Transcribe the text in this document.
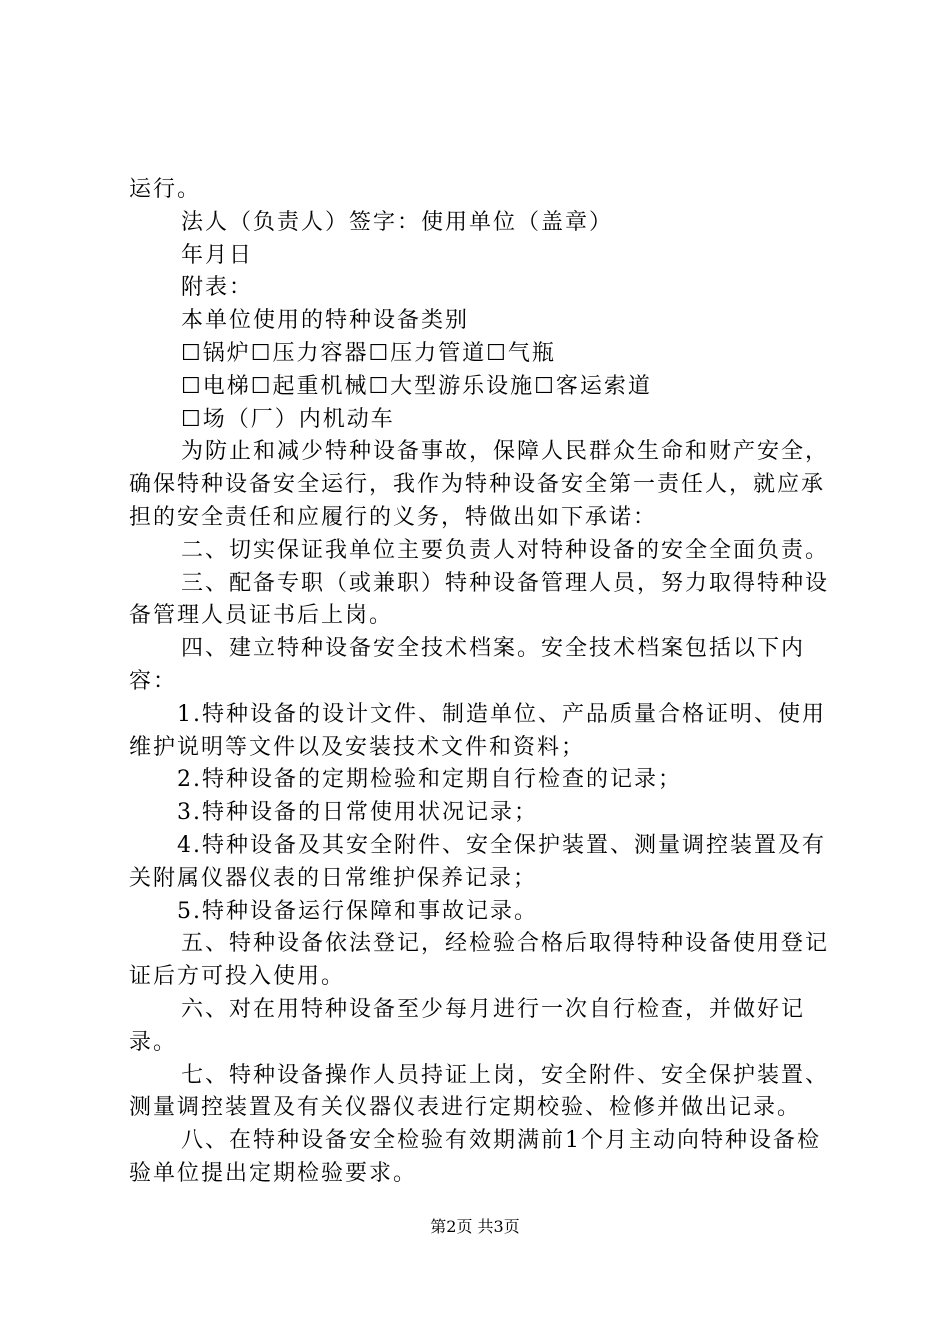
运行。

法人（负责人）签字：使用单位（盖章）

年月日

附表：

本单位使用的特种设备类别

☐锅炉☐压力容器☐压力管道☐气瓶

☐电梯☐起重机械☐大型游乐设施☐客运索道

☐场（厂）内机动车

为防止和减少特种设备事故，保障人民群众生命和财产安全，确保特种设备安全运行，我作为特种设备安全第一责任人，就应承担的安全责任和应履行的义务，特做出如下承诺：

二、切实保证我单位主要负责人对特种设备的安全全面负责。

三、配备专职（或兼职）特种设备管理人员，努力取得特种设备管理人员证书后上岗。

四、建立特种设备安全技术档案。安全技术档案包括以下内容：

1.特种设备的设计文件、制造单位、产品质量合格证明、使用维护说明等文件以及安装技术文件和资料；

2.特种设备的定期检验和定期自行检查的记录；

3.特种设备的日常使用状况记录；

4.特种设备及其安全附件、安全保护装置、测量调控装置及有关附属仪器仪表的日常维护保养记录；

5.特种设备运行保障和事故记录。

五、特种设备依法登记，经检验合格后取得特种设备使用登记证后方可投入使用。

六、对在用特种设备至少每月进行一次自行检查，并做好记录。

七、特种设备操作人员持证上岗，安全附件、安全保护装置、测量调控装置及有关仪器仪表进行定期校验、检修并做出记录。

八、在特种设备安全检验有效期满前1个月主动向特种设备检验单位提出定期检验要求。

第2页 共3页
